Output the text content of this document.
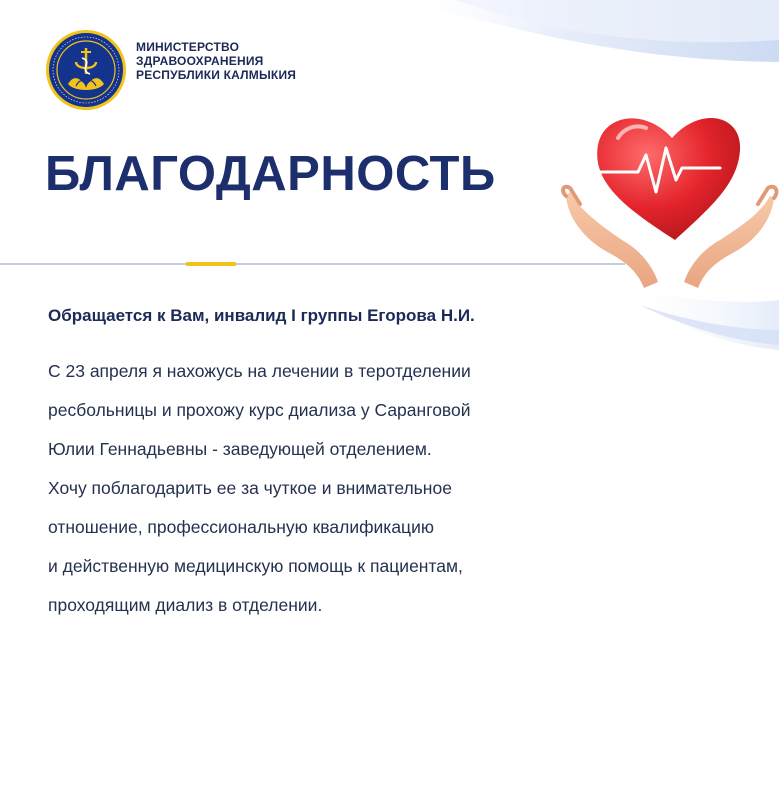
МИНИСТЕРСТВО
ЗДРАВООХРАНЕНИЯ
РЕСПУБЛИКИ КАЛМЫКИЯ
БЛАГОДАРНОСТЬ

Обращается к Вам, инвалид I группы Егорова Н.И.

С 23 апреля я нахожусь на лечении в теротделении
ресбольницы и прохожу курс диализа у Саранговой
Юлии Геннадьевны - заведующей отделением.
Хочу поблагодарить ее за чуткое и внимательное
отношение, профессиональную квалификацию
и действенную медицинскую помощь к пациентам,
проходящим диализ в отделении.
